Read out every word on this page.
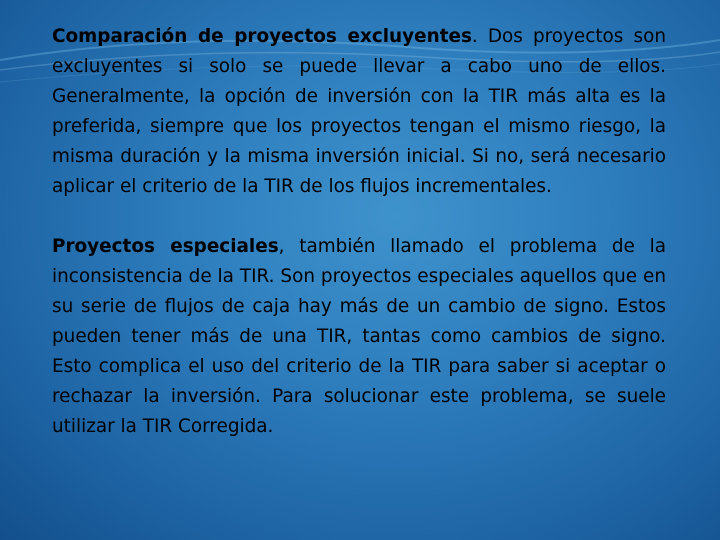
Comparación de proyectos excluyentes. Dos proyectos son excluyentes si solo se puede llevar a cabo uno de ellos. Generalmente, la opción de inversión con la TIR más alta es la preferida, siempre que los proyectos tengan el mismo riesgo, la misma duración y la misma inversión inicial. Si no, será necesario aplicar el criterio de la TIR de los flujos incrementales.

Proyectos especiales, también llamado el problema de la inconsistencia de la TIR. Son proyectos especiales aquellos que en su serie de flujos de caja hay más de un cambio de signo. Estos pueden tener más de una TIR, tantas como cambios de signo. Esto complica el uso del criterio de la TIR para saber si aceptar o rechazar la inversión. Para solucionar este problema, se suele utilizar la TIR Corregida.
